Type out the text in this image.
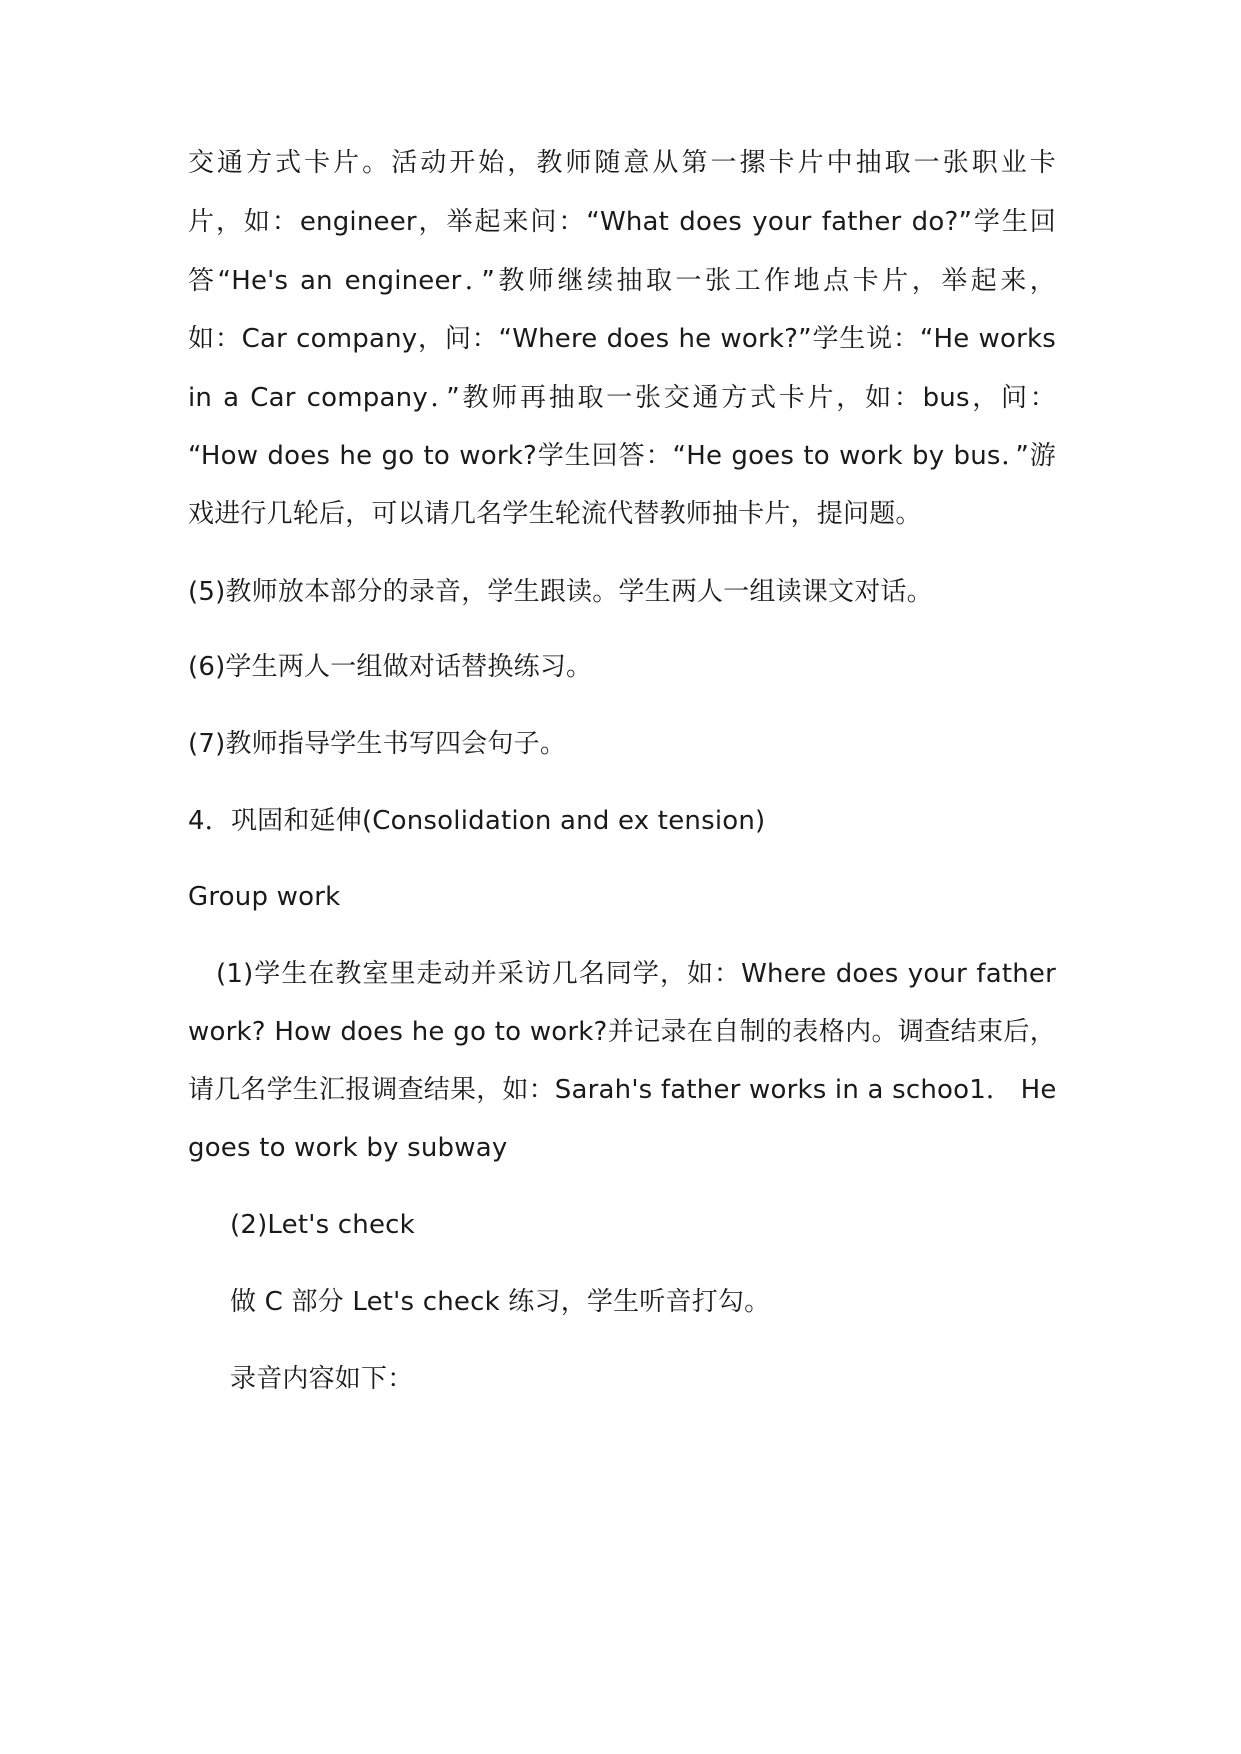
交通方式卡片。活动开始，教师随意从第一摞卡片中抽取一张职业卡
片，如：engineer，举起来问：“What does your father do?”学生回
答“He's an engineer．”教师继续抽取一张工作地点卡片，举起来，
如：Car company，问：“Where does he work?”学生说：“He works
in a Car company．”教师再抽取一张交通方式卡片，如：bus，问：
“How does he go to work?学生回答：“He goes to work by bus．”游
戏进行几轮后，可以请几名学生轮流代替教师抽卡片，提问题。
(5)教师放本部分的录音，学生跟读。学生两人一组读课文对话。
(6)学生两人一组做对话替换练习。
(7)教师指导学生书写四会句子。
4．巩固和延伸(Consolidation and ex tension)
Group work
(1)学生在教室里走动并采访几名同学，如：Where does your father
work? How does he go to work?并记录在自制的表格内。调查结束后，
请几名学生汇报调查结果，如：Sarah's father works in a schoo1． He
goes to work by subway
(2)Let's check
做 C 部分 Let's check 练习，学生听音打勾。
录音内容如下：
